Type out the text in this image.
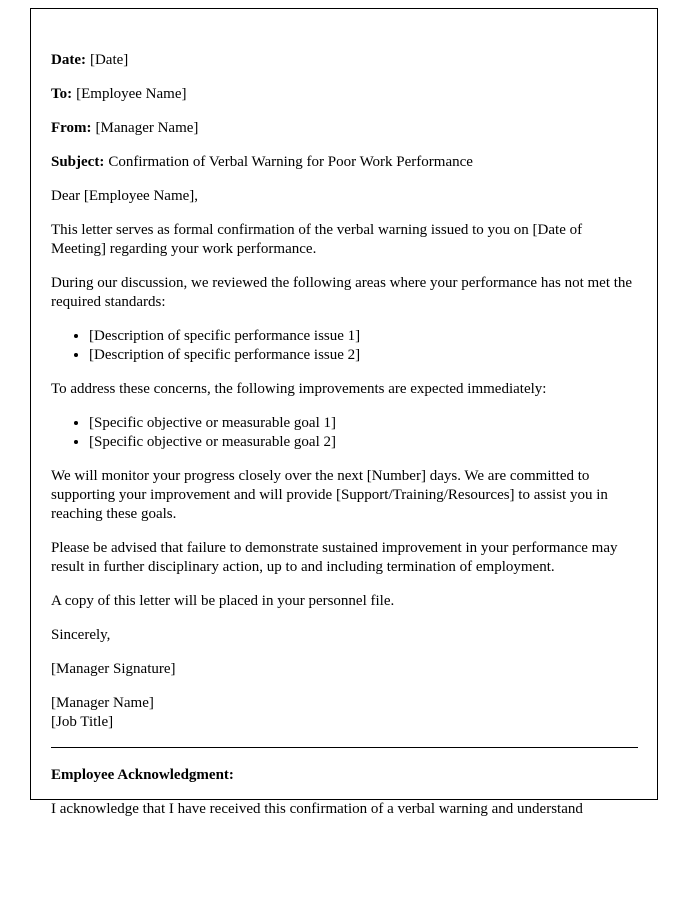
Date: [Date]

To: [Employee Name]

From: [Manager Name]

Subject: Confirmation of Verbal Warning for Poor Work Performance

Dear [Employee Name],

This letter serves as formal confirmation of the verbal warning issued to you on [Date of Meeting] regarding your work performance.

During our discussion, we reviewed the following areas where your performance has not met the required standards:

• [Description of specific performance issue 1]
• [Description of specific performance issue 2]

To address these concerns, the following improvements are expected immediately:

• [Specific objective or measurable goal 1]
• [Specific objective or measurable goal 2]

We will monitor your progress closely over the next [Number] days. We are committed to supporting your improvement and will provide [Support/Training/Resources] to assist you in reaching these goals.

Please be advised that failure to demonstrate sustained improvement in your performance may result in further disciplinary action, up to and including termination of employment.

A copy of this letter will be placed in your personnel file.

Sincerely,

[Manager Signature]

[Manager Name]
[Job Title]

Employee Acknowledgment:

I acknowledge that I have received this confirmation of a verbal warning and understand
